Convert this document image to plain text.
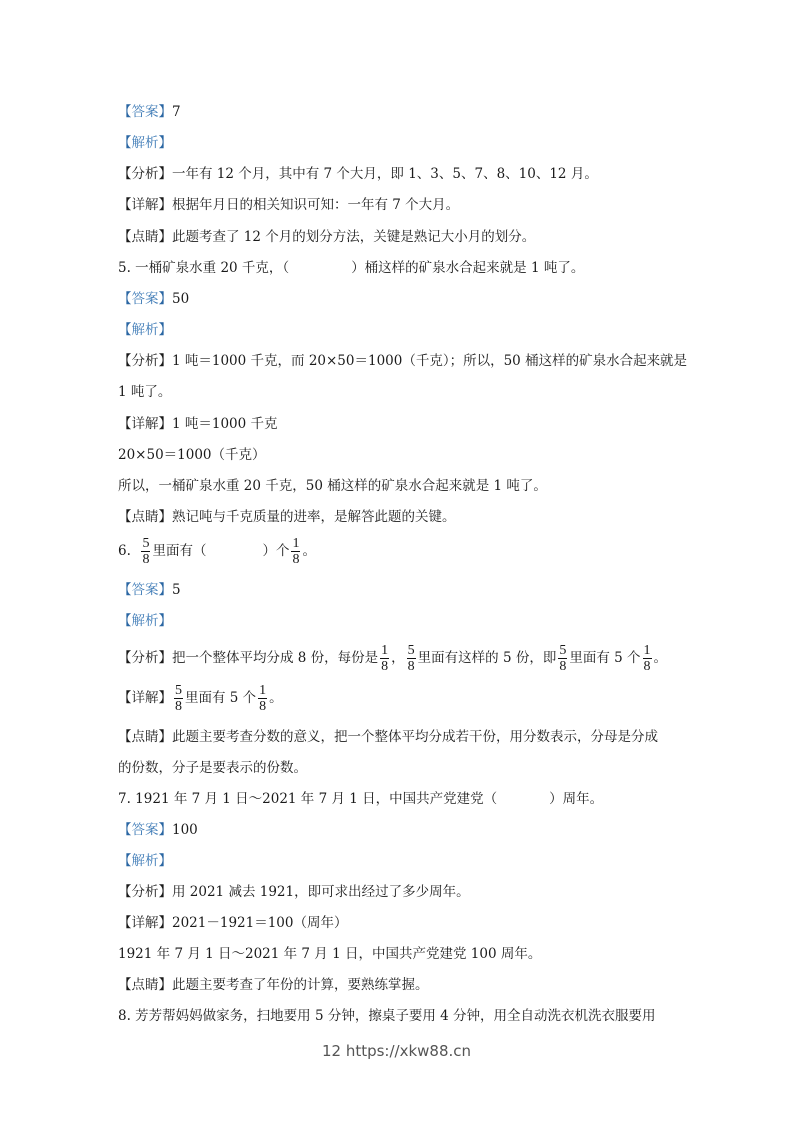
【答案】7
【解析】
【分析】一年有 12 个月，其中有 7 个大月，即 1、3、5、7、8、10、12 月。
【详解】根据年月日的相关知识可知：一年有 7 个大月。
【点睛】此题考查了 12 个月的划分方法，关键是熟记大小月的划分。
5. 一桶矿泉水重 20 千克，（	）桶这样的矿泉水合起来就是 1 吨了。
【答案】50
【解析】
【分析】1 吨＝1000 千克，而 20×50＝1000（千克）；所以，50 桶这样的矿泉水合起来就是
1 吨了。
【详解】1 吨＝1000 千克
20×50＝1000（千克）
所以，一桶矿泉水重 20 千克，50 桶这样的矿泉水合起来就是 1 吨了。
【点睛】熟记吨与千克质量的进率，是解答此题的关键。
6. $\frac{5}{8}$ 里面有（	）个 $\frac{1}{8}$ 。
【答案】5
【解析】
【分析】把一个整体平均分成 8 份，每份是 $\frac{1}{8}$ ， $\frac{5}{8}$ 里面有这样的 5 份，即 $\frac{5}{8}$ 里面有 5 个 $\frac{1}{8}$ 。
【详解】 $\frac{5}{8}$ 里面有 5 个 $\frac{1}{8}$ 。
【点睛】此题主要考查分数的意义，把一个整体平均分成若干份，用分数表示，分母是分成
的份数，分子是要表示的份数。
7. 1921 年 7 月 1 日～2021 年 7 月 1 日，中国共产党建党（	）周年。
【答案】100
【解析】
【分析】用 2021 减去 1921，即可求出经过了多少周年。
【详解】2021－1921＝100（周年）
1921 年 7 月 1 日～2021 年 7 月 1 日，中国共产党建党 100 周年。
【点睛】此题主要考查了年份的计算，要熟练掌握。
8. 芳芳帮妈妈做家务，扫地要用 5 分钟，擦桌子要用 4 分钟，用全自动洗衣机洗衣服要用
12 https://xkw88.cn
